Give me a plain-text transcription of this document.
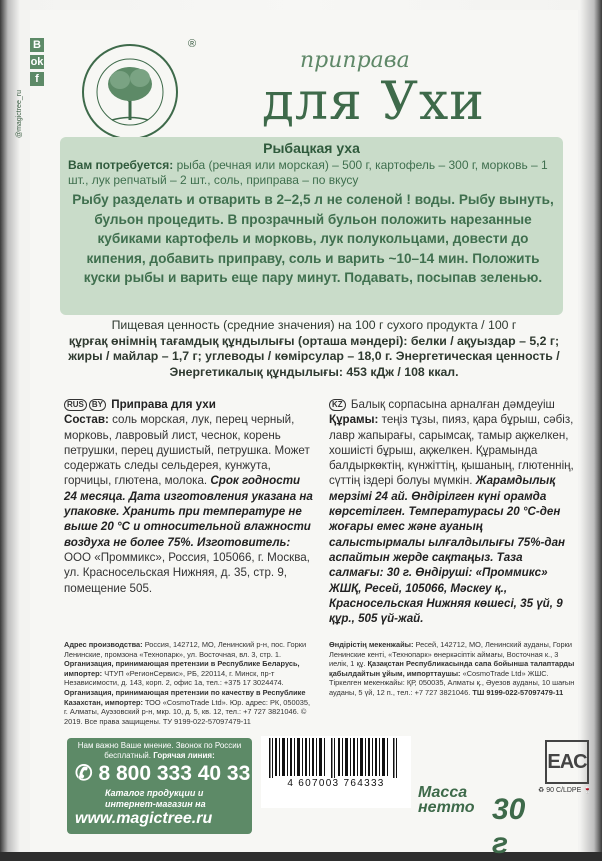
B
ok
f
@magictree_ru
®
приправа
для Ухи
Рыбацкая уха
Вам потребуется: рыба (речная или морская) – 500 г, картофель – 300 г, морковь – 1 шт., лук репчатый – 2 шт., соль, приправа – по вкусу
Рыбу разделать и отварить в 2–2,5 л не соленой ! воды. Рыбу вынуть, бульон процедить. В прозрачный бульон положить нарезанные кубиками картофель и морковь, лук полукольцами, довести до кипения, добавить приправу, соль и варить ~10–14 мин. Положить куски рыбы и варить еще пару минут. Подавать, посыпав зеленью.
Пищевая ценность (средние значения) на 100 г сухого продукта / 100 г
құрғақ өнімнің тағамдық құндылығы (орташа мәндері): белки / ақуыздар – 5,2 г; жиры / майлар – 1,7 г; углеводы / көмірсулар – 18,0 г. Энергетическая ценность / Энергетикалық құндылығы: 453 кДж / 108 ккал.
RUS BY Приправа для ухи
Состав: соль морская, лук, перец черный, морковь, лавровый лист, чеснок, корень петрушки, перец душистый, петрушка. Может содержать следы сельдерея, кунжута, горчицы, глютена, молока. Срок годности 24 месяца. Дата изготовления указана на упаковке. Хранить при температуре не выше 20 °С и относительной влажности воздуха не более 75%. Изготовитель: ООО «Проммикс», Россия, 105066, г. Москва, ул. Красносельская Нижняя, д. 35, стр. 9, помещение 505.
KZ Балық сорпасына арналған дәмдеуіш
Құрамы: теңіз тұзы, пияз, қара бұрыш, сәбіз, лавр жапырағы, сарымсақ, тамыр ақжелкен, хошиісті бұрыш, ақжелкен. Құрамында балдыркөктің, күнжіттің, қышаның, глютеннің, сүттің іздері болуы мүмкін. Жарамдылық мерзімі 24 ай. Өндірілген күні орамда көрсетілген. Температурасы 20 °С-ден жоғары емес және ауаның салыстырмалы ылғалдылығы 75%-дан аспайтын жерде сақтаңыз. Таза салмағы: 30 г. Өндіруші: «Проммикс» ЖШҚ, Ресей, 105066, Мәскеу қ., Красносельская Нижняя көшесі, 35 үй, 9 құр., 505 үй-жай.
Адрес производства: Россия, 142712, МО, Ленинский р-н, пос. Горки Ленинские, промзона «Технопарк», ул. Восточная, вл. 3, стр. 1. Организация, принимающая претензии в Республике Беларусь, импортер: ЧТУП «РегионСервис», РБ, 220114, г. Минск, пр-т Независимости, д. 143, корп. 2, офис 1а, тел.: +375 17 3024474. Организация, принимающая претензии по качеству в Республике Казахстан, импортер: ТОО «CosmoTrade Ltd». Юр. адрес: РК, 050035, г. Алматы, Ауэзовский р-н, мкр. 10, д. 5, кв. 12, тел.: +7 727 3821046. © 2019. Все права защищены. ТУ 9199-022-57097479-11
Өндірістің мекенжайы: Ресей, 142712, МО, Ленинский ауданы, Горки Ленинские кенті, «Технопарк» өнеркәсіптік аймағы, Восточная к., 3 иелік, 1 құ. Қазақстан Республикасында сапа бойынша талаптарды қабылдайтын ұйым, импорттаушы: «CosmoTrade Ltd» ЖШС. Тіркелген мекенжайы: ҚР, 050035, Алматы қ., Әуезов ауданы, 10 шағын ауданы, 5 үй, 12 п., тел.: +7 727 3821046. ТШ 9199-022-57097479-11
Нам важно Ваше мнение. Звонок по России бесплатный. Горячая линия:
✆ 8 800 333 40 33
Каталог продукции и интернет-магазин на
www.magictree.ru
4 607003 764333
EAC
Масса
нетто 30 г
♻ 90 C/LDPE 🍷
